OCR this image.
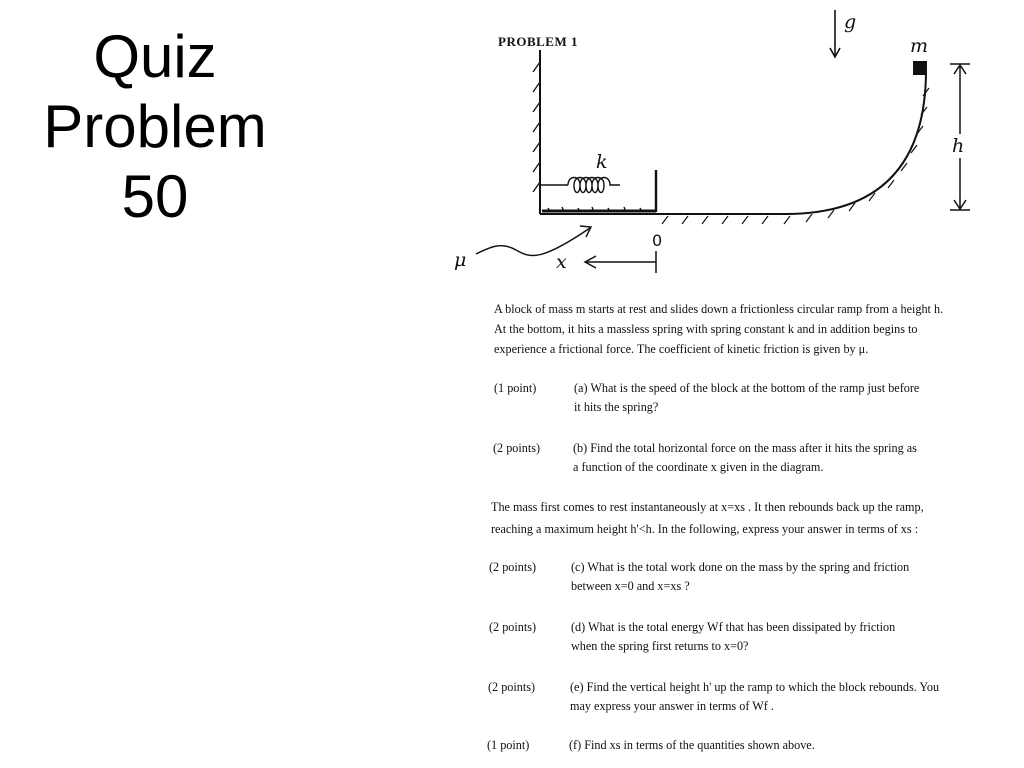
Quiz
Problem
50
PROBLEM 1	m
g
h
k
0
x
μ
A block of mass m starts at rest and slides down a frictionless circular ramp from a height h.
At the bottom, it hits a massless spring with spring constant k and in addition begins to
experience a frictional force. The coefficient of kinetic friction is given by μ.
(1 point)	(a) What is the speed of the block at the bottom of the ramp just before
it hits the spring?
(2 points)	(b) Find the total horizontal force on the mass after it hits the spring as
a function of the coordinate x given in the diagram.
The mass first comes to rest instantaneously at x=xs . It then rebounds back up the ramp,
reaching a maximum height h'<h. In the following, express your answer in terms of xs :
(2 points)	(c) What is the total work done on the mass by the spring and friction
between x=0 and x=xs ?
(2 points)	(d) What is the total energy Wf that has been dissipated by friction
when the spring first returns to x=0?
(2 points)	(e) Find the vertical height h' up the ramp to which the block rebounds. You
may express your answer in terms of Wf .
(1 point)	(f) Find xs in terms of the quantities shown above.
